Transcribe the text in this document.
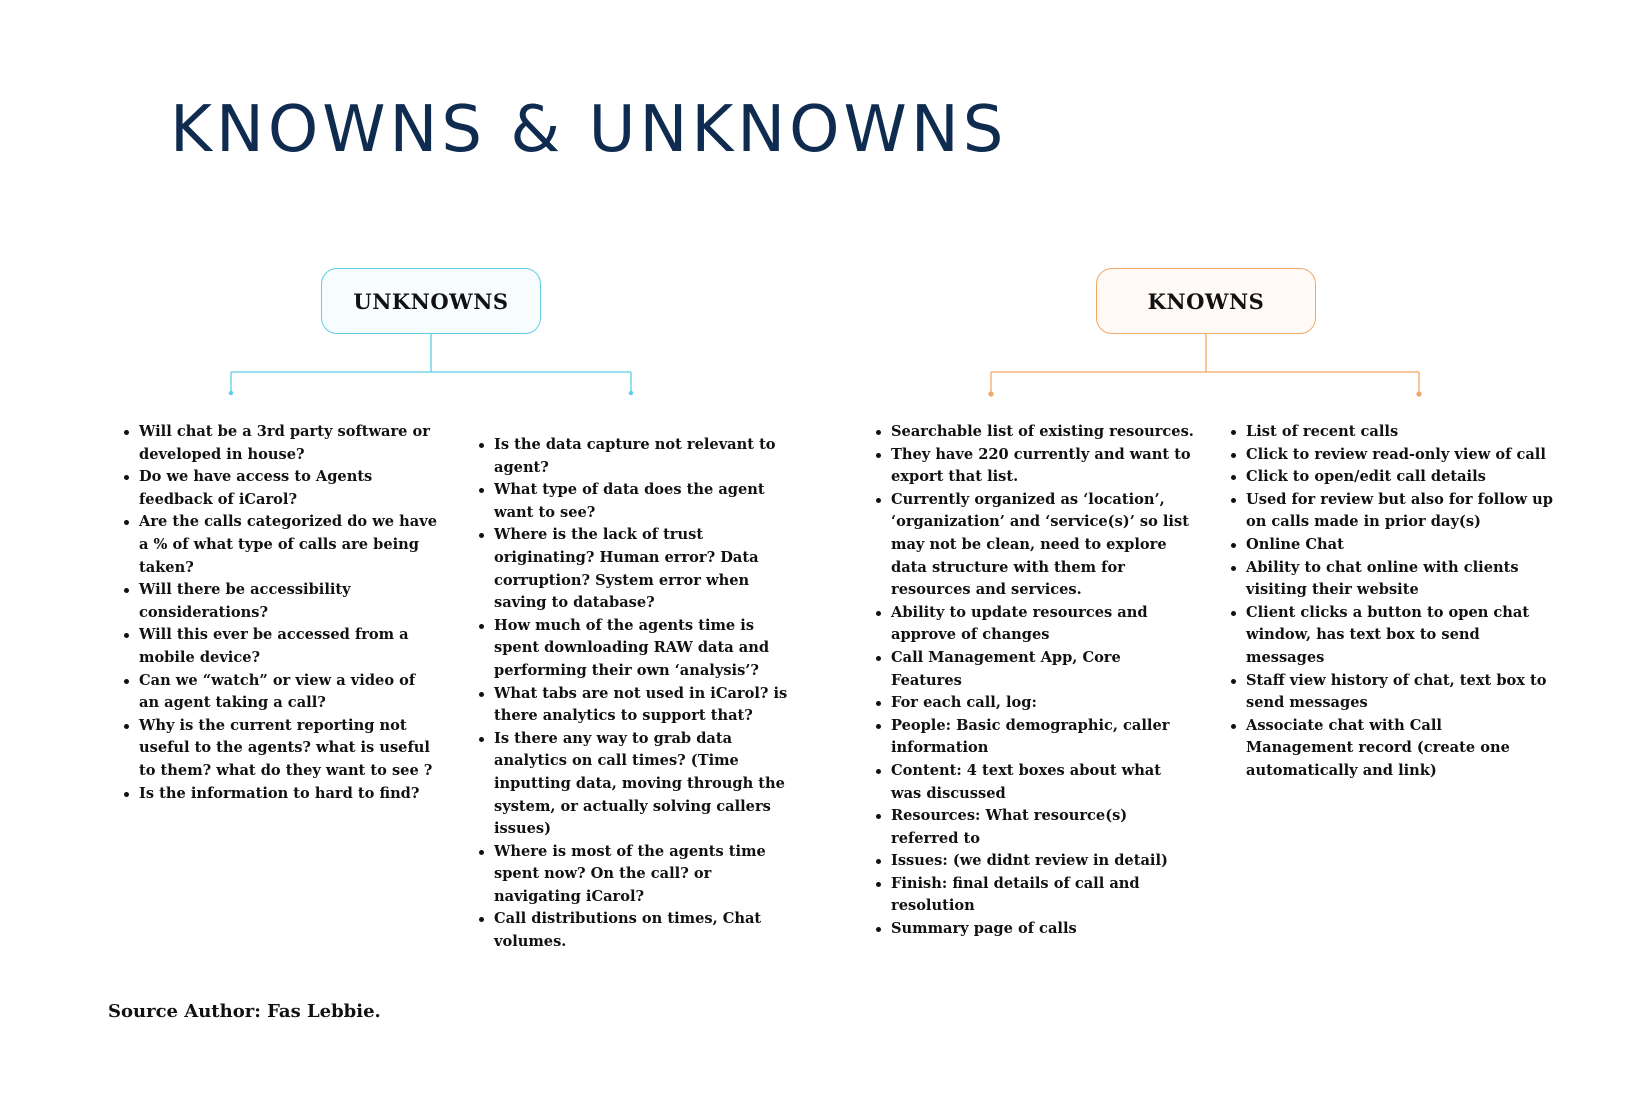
KNOWNS & UNKNOWNS
UNKNOWNS	KNOWNS
Will chat be a 3rd party software or developed in house?
Do we have access to Agents feedback of iCarol?
Are the calls categorized do we have a % of what type of calls are being taken?
Will there be accessibility considerations?
Will this ever be accessed from a mobile device?
Can we “watch” or view a video of an agent taking a call?
Why is the current reporting not useful to the agents? what is useful to them? what do they want to see ?
Is the information to hard to find?
Is the data capture not relevant to agent?
What type of data does the agent want to see?
Where is the lack of trust originating? Human error? Data corruption? System error when saving to database?
How much of the agents time is spent downloading RAW data and performing their own ‘analysis’?
What tabs are not used in iCarol? is there analytics to support that?
Is there any way to grab data analytics on call times? (Time inputting data, moving through the system, or actually solving callers issues)
Where is most of the agents time spent now? On the call? or navigating iCarol?
Call distributions on times, Chat volumes.
Searchable list of existing resources.
They have 220 currently and want to export that list.
Currently organized as ‘location’, ‘organization’ and ‘service(s)’ so list may not be clean, need to explore data structure with them for resources and services.
Ability to update resources and approve of changes
Call Management App, Core Features
For each call, log:
People: Basic demographic, caller information
Content: 4 text boxes about what was discussed
Resources: What resource(s) referred to
Issues: (we didnt review in detail)
Finish: final details of call and resolution
Summary page of calls
List of recent calls
Click to review read-only view of call
Click to open/edit call details
Used for review but also for follow up on calls made in prior day(s)
Online Chat
Ability to chat online with clients visiting their website
Client clicks a button to open chat window, has text box to send messages
Staff view history of chat, text box to send messages
Associate chat with Call Management record (create one automatically and link)

Source Author: Fas Lebbie.
